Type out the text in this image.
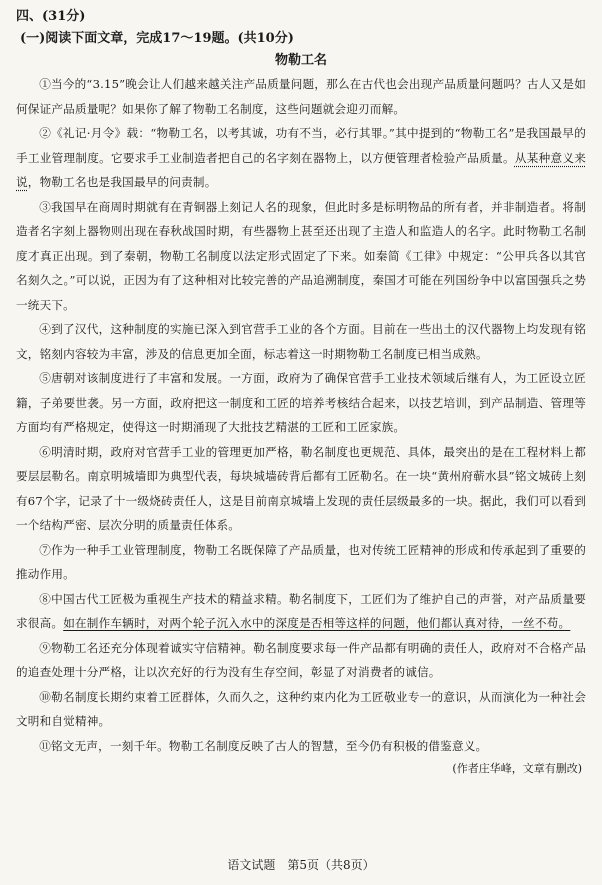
四、(31分)

(一)阅读下面文章，完成17～19题。(共10分)

物勒工名

①当今的“3.15”晚会让人们越来越关注产品质量问题，那么在古代也会出现产品质量问题吗？古人又是如何保证产品质量呢？如果你了解了物勒工名制度，这些问题就会迎刃而解。

②《礼记·月令》载：“物勒工名，以考其诚，功有不当，必行其罪。”其中提到的“物勒工名”是我国最早的手工业管理制度。它要求手工业制造者把自己的名字刻在器物上，以方便管理者检验产品质量。从某种意义来说，物勒工名也是我国最早的问责制。

③我国早在商周时期就有在青铜器上刻记人名的现象，但此时多是标明物品的所有者，并非制造者。将制造者名字刻上器物则出现在春秋战国时期，有些器物上甚至还出现了主造人和监造人的名字。此时物勒工名制度才真正出现。到了秦朝，物勒工名制度以法定形式固定了下来。如秦简《工律》中规定：“公甲兵各以其官名刻久之。”可以说，正因为有了这种相对比较完善的产品追溯制度，秦国才可能在列国纷争中以富国强兵之势一统天下。

④到了汉代，这种制度的实施已深入到官营手工业的各个方面。目前在一些出土的汉代器物上均发现有铭文，铭刻内容较为丰富，涉及的信息更加全面，标志着这一时期物勒工名制度已相当成熟。

⑤唐朝对该制度进行了丰富和发展。一方面，政府为了确保官营手工业技术领域后继有人，为工匠设立匠籍，子弟要世袭。另一方面，政府把这一制度和工匠的培养考核结合起来，以技艺培训，到产品制造、管理等方面均有严格规定，使得这一时期涌现了大批技艺精湛的工匠和工匠家族。

⑥明清时期，政府对官营手工业的管理更加严格，勒名制度也更规范、具体，最突出的是在工程材料上都要层层勒名。南京明城墙即为典型代表，每块城墙砖背后都有工匠勒名。在一块“黄州府蕲水县”铭文城砖上刻有67个字，记录了十一级烧砖责任人，这是目前南京城墙上发现的责任层级最多的一块。据此，我们可以看到一个结构严密、层次分明的质量责任体系。

⑦作为一种手工业管理制度，物勒工名既保障了产品质量，也对传统工匠精神的形成和传承起到了重要的推动作用。

⑧中国古代工匠极为重视生产技术的精益求精。勒名制度下，工匠们为了维护自己的声誉，对产品质量要求很高。如在制作车辆时，对两个轮子沉入水中的深度是否相等这样的问题，他们都认真对待，一丝不苟。

⑨物勒工名还充分体现着诚实守信精神。勒名制度要求每一件产品都有明确的责任人，政府对不合格产品的追查处理十分严格，让以次充好的行为没有生存空间，彰显了对消费者的诚信。

⑩勒名制度长期约束着工匠群体，久而久之，这种约束内化为工匠敬业专一的意识，从而演化为一种社会文明和自觉精神。

⑪铭文无声，一刻千年。物勒工名制度反映了古人的智慧，至今仍有积极的借鉴意义。

(作者庄华峰，文章有删改)

语文试题　第5页（共8页）
